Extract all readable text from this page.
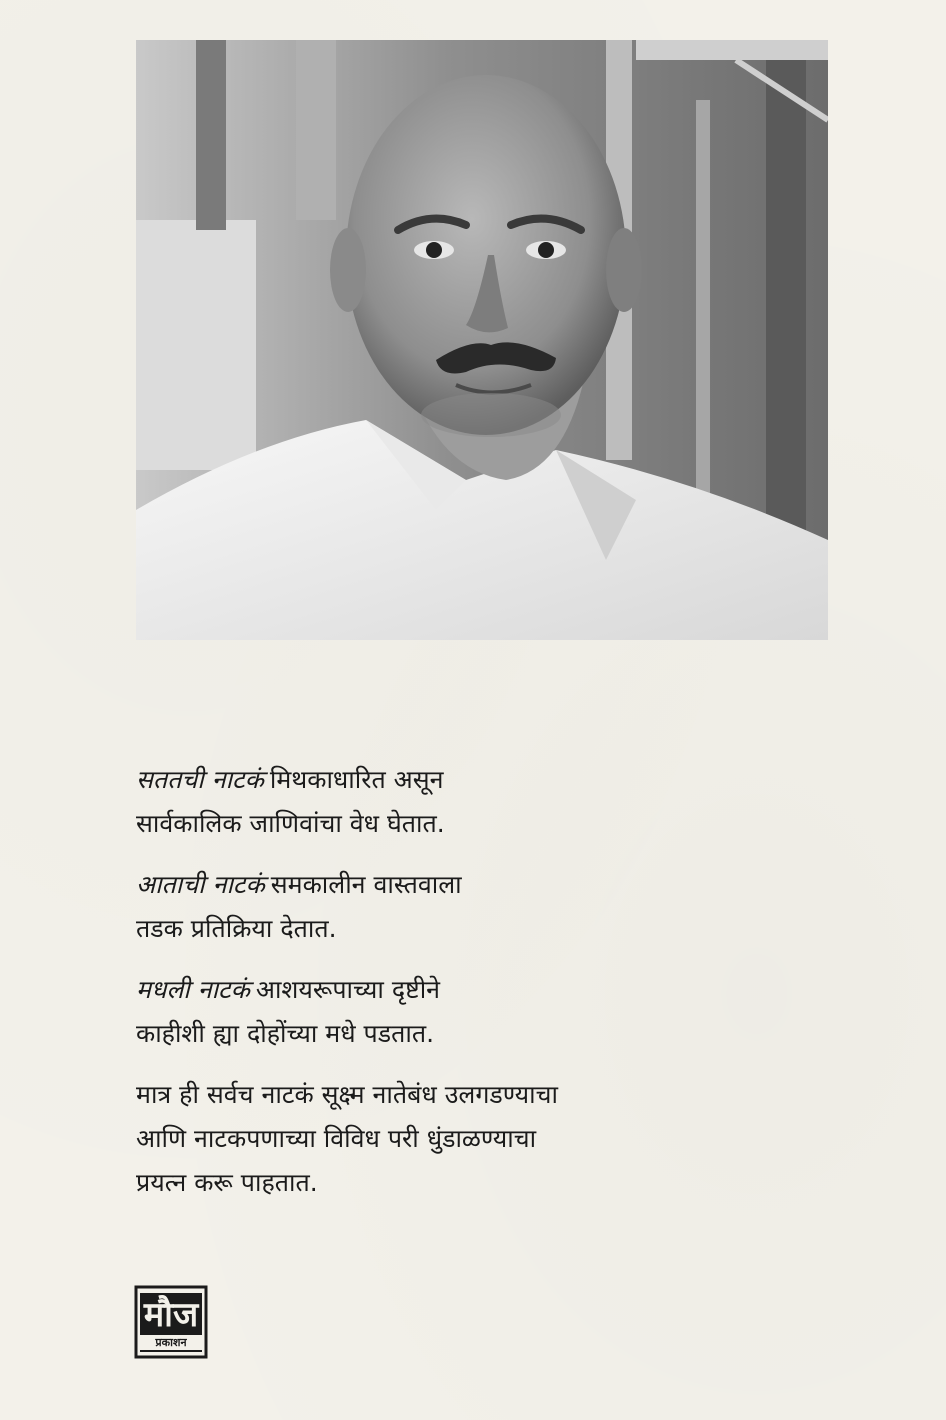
सततची नाटकं मिथकाधारित असून
सार्वकालिक जाणिवांचा वेध घेतात.

आताची नाटकं समकालीन वास्तवाला
तडक प्रतिक्रिया देतात.

मधली नाटकं आशयरूपाच्या दृष्टीने
काहीशी ह्या दोहोंच्या मधे पडतात.

मात्र ही सर्वच नाटकं सूक्ष्म नातेबंध उलगडण्याचा
आणि नाटकपणाच्या विविध परी धुंडाळण्याचा
प्रयत्न करू पाहतात.

मौज
प्रकाशन
